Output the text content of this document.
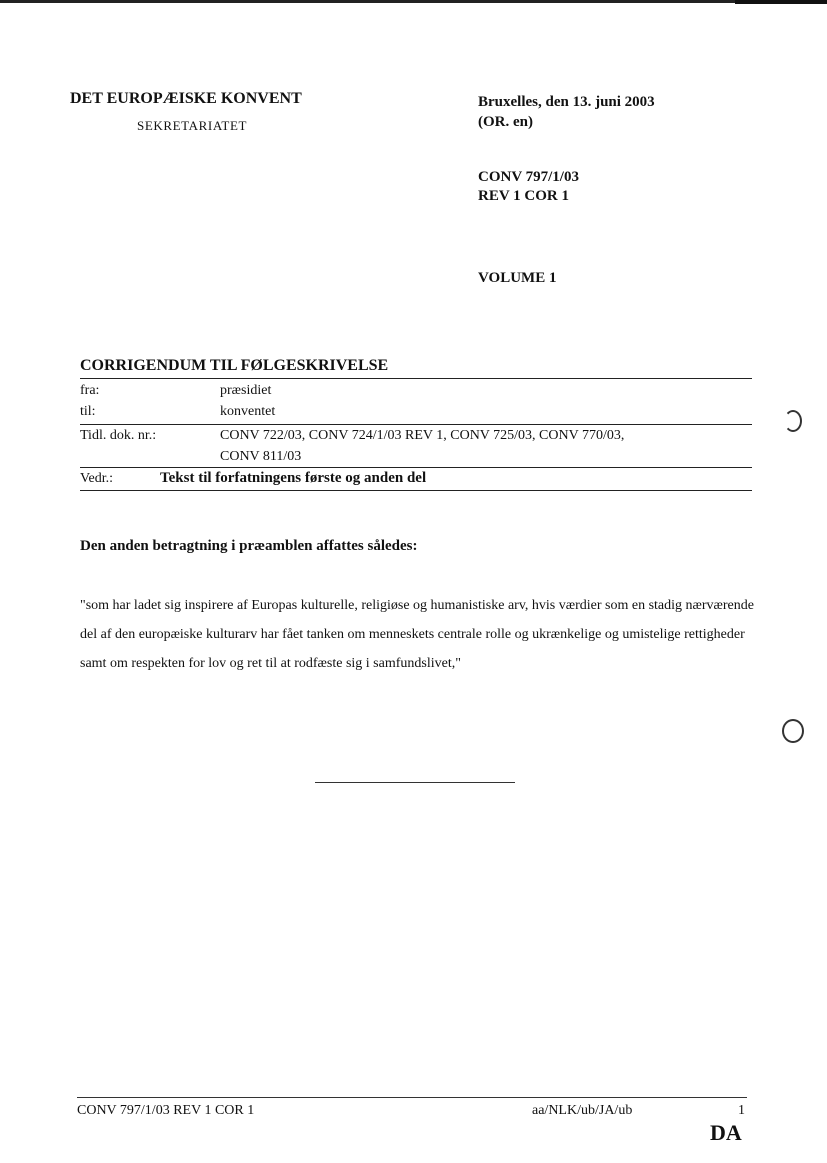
DET EUROPÆISKE KONVENT
SEKRETARIATET
Bruxelles, den 13. juni 2003
(OR. en)
CONV 797/1/03
REV 1 COR 1
VOLUME 1
CORRIGENDUM TIL FØLGESKRIVELSE
fra:	præsidiet
til:	konventet
Tidl. dok. nr.:	CONV 722/03, CONV 724/1/03 REV 1, CONV 725/03, CONV 770/03,
CONV 811/03
Vedr.:	Tekst til forfatningens første og anden del
Den anden betragtning i præamblen affattes således:
"som har ladet sig inspirere af Europas kulturelle, religiøse og humanistiske arv, hvis værdier som en stadig nærværende del af den europæiske kulturarv har fået tanken om menneskets centrale rolle og ukrænkelige og umistelige rettigheder samt om respekten for lov og ret til at rodfæste sig i samfundslivet,"
CONV 797/1/03 REV 1 COR 1	aa/NLK/ub/JA/ub	1
DA
